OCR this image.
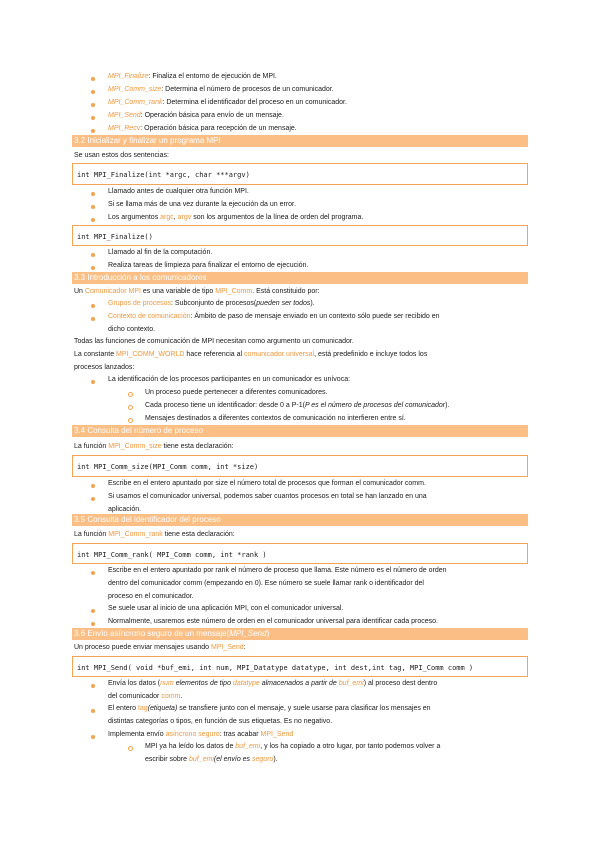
MPI_Finalize: Finaliza el entorno de ejecución de MPI.
MPI_Comm_size: Determina el número de procesos de un comunicador.
MPI_Comm_rank: Determina el identificador del proceso en un comunicador.
MPI_Send: Operación básica para envío de un mensaje.
MPI_Recv: Operación básica para recepción de un mensaje.
3.2 Inicializar y finalizar un programa MPI
Se usan estos dos sentencias:
int MPI_Finalize(int *argc, char ***argv)
Llamado antes de cualquier otra función MPI.
Si se llama más de una vez durante la ejecución da un error.
Los argumentos argc, argv son los argumentos de la línea de orden del programa.
int MPI_Finalize()
Llamado al fin de la computación.
Realiza tareas de limpieza para finalizar el entorno de ejecución.
3.3 Introducción a los comunicadores
Un Comunicador MPI es una variable de tipo MPI_Comm. Está constituido por:
Grupos de procesos: Subconjunto de procesos(pueden ser todos).
Contexto de comunicación: Ámbito de paso de mensaje enviado en un contexto sólo puede ser recibido en
dicho contexto.
Todas las funciones de comunicación de MPI necesitan como argumento un comunicador.
La constante MPI_COMM_WORLD hace referencia al comunicador universal, está predefinido e incluye todos los
procesos lanzados:
La identificación de los procesos participantes en un comunicador es unívoca:
Un proceso puede pertenecer a diferentes comunicadores.
Cada proceso tiene un identificador: desde 0 a P-1(P es el número de procesos del comunicador).
Mensajes destinados a diferentes contextos de comunicación no interfieren entre sí.
3.4 Consulta del número de proceso
La función MPI_Comm_size tiene esta declaración:
int MPI_Comm_size(MPI_Comm comm, int *size)
Escribe en el entero apuntado por size el número total de procesos que forman el comunicador comm.
Si usamos el comunicador universal, podemos saber cuantos procesos en total se han lanzado en una
aplicación.
3.5 Consulta del identificador del proceso
La función MPI_Comm_rank tiene esta declaración:
int MPI_Comm_rank( MPI_Comm comm, int *rank )
Escribe en el entero apuntado por rank el número de proceso que llama. Este número es el número de orden
dentro del comunicador comm (empezando en 0). Ese número se suele llamar rank o identificador del
proceso en el comunicador.
Se suele usar al inicio de una aplicación MPI, con el comunicador universal.
Normalmente, usaremos este número de orden en el comunicador universal para identificar cada proceso.
3.6 Envío asíncrono seguro de un mensaje(MPI_Send)
Un proceso puede enviar mensajes usando MPI_Send:
int MPI_Send( void *buf_emi, int num, MPI_Datatype datatype, int dest,int tag, MPI_Comm comm )
Envía los datos (num elementos de tipo datatype almacenados a partir de buf_emi) al proceso dest dentro
del comunicador comm.
El entero tag(etiqueta) se transfiere junto con el mensaje, y suele usarse para clasificar los mensajes en
distintas categorías o tipos, en función de sus etiquetas. Es no negativo.
Implementa envío asíncrono seguro: tras acabar MPI_Send
MPI ya ha leído los datos de buf_emi, y los ha copiado a otro lugar, por tanto podemos volver a
escribir sobre buf_emi(el envío es seguro).
